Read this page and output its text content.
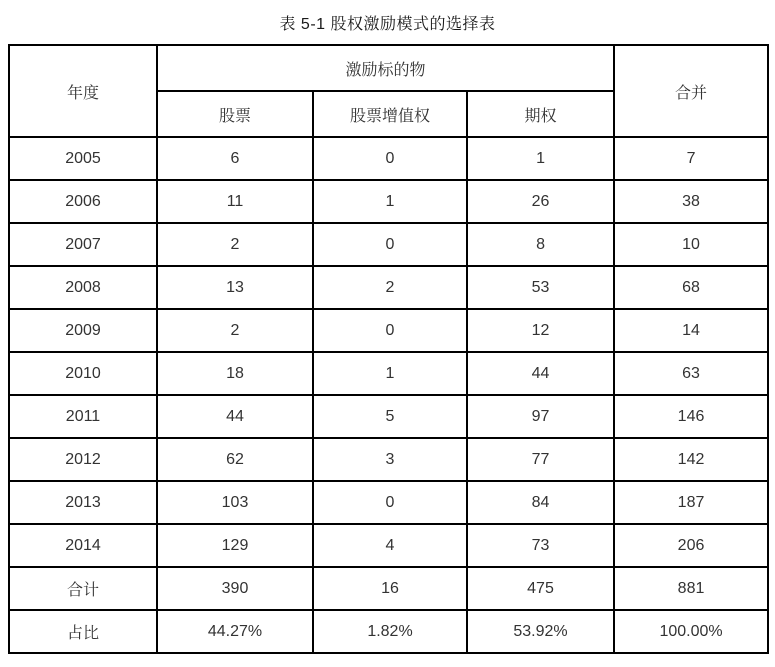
表 5-1 股权激励模式的选择表
年度	激励标的物			合并
	股票	股票增值权	期权	
2005	6	0	1	7
2006	11	1	26	38
2007	2	0	8	10
2008	13	2	53	68
2009	2	0	12	14
2010	18	1	44	63
2011	44	5	97	146
2012	62	3	77	142
2013	103	0	84	187
2014	129	4	73	206
合计	390	16	475	881
占比	44.27%	1.82%	53.92%	100.00%
